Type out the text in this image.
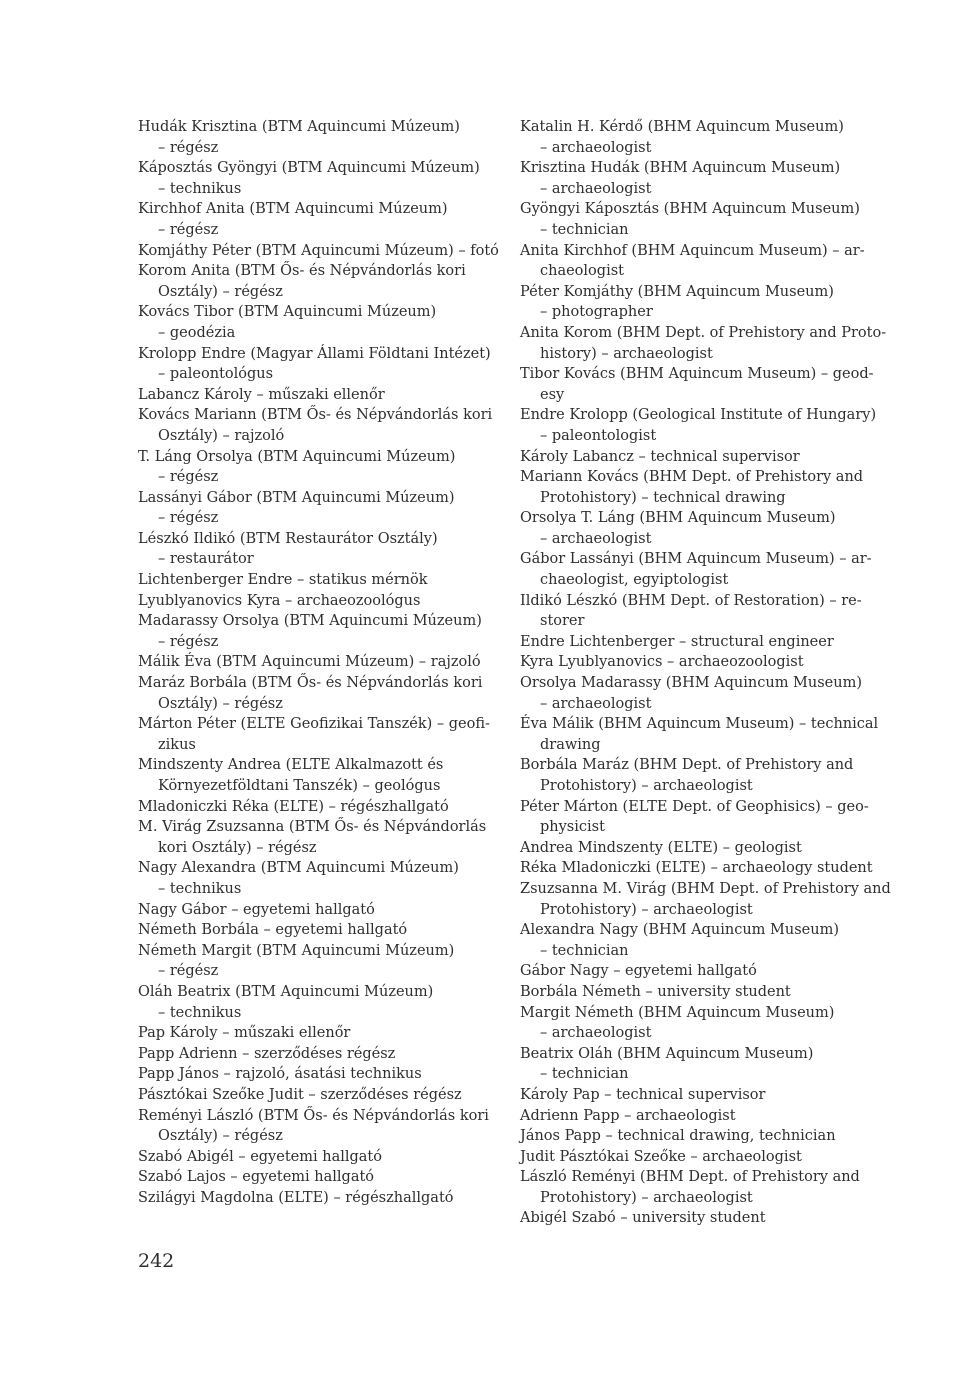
Hudák Krisztina (BTM Aquincumi Múzeum)
– régész
Káposztás Gyöngyi (BTM Aquincumi Múzeum)
– technikus
Kirchhof Anita (BTM Aquincumi Múzeum)
– régész
Komjáthy Péter (BTM Aquincumi Múzeum) – fotó
Korom Anita (BTM Ős- és Népvándorlás kori
Osztály) – régész
Kovács Tibor (BTM Aquincumi Múzeum)
– geodézia
Krolopp Endre (Magyar Állami Földtani Intézet)
– paleontológus
Labancz Károly – műszaki ellenőr
Kovács Mariann (BTM Ős- és Népvándorlás kori
Osztály) – rajzoló
T. Láng Orsolya (BTM Aquincumi Múzeum)
– régész
Lassányi Gábor (BTM Aquincumi Múzeum)
– régész
Lészkó Ildikó (BTM Restaurátor Osztály)
– restaurátor
Lichtenberger Endre – statikus mérnök
Lyublyanovics Kyra – archaeozoológus
Madarassy Orsolya (BTM Aquincumi Múzeum)
– régész
Málik Éva (BTM Aquincumi Múzeum) – rajzoló
Maráz Borbála (BTM Ős- és Népvándorlás kori
Osztály) – régész
Márton Péter (ELTE Geofizikai Tanszék) – geofi-
zikus
Mindszenty Andrea (ELTE Alkalmazott és
Környezetföldtani Tanszék) – geológus
Mladoniczki Réka (ELTE) – régészhallgató
M. Virág Zsuzsanna (BTM Ős- és Népvándorlás
kori Osztály) – régész
Nagy Alexandra (BTM Aquincumi Múzeum)
– technikus
Nagy Gábor – egyetemi hallgató
Németh Borbála – egyetemi hallgató
Németh Margit (BTM Aquincumi Múzeum)
– régész
Oláh Beatrix (BTM Aquincumi Múzeum)
– technikus
Pap Károly – műszaki ellenőr
Papp Adrienn – szerződéses régész
Papp János – rajzoló, ásatási technikus
Pásztókai Szeőke Judit – szerződéses régész
Reményi László (BTM Ős- és Népvándorlás kori
Osztály) – régész
Szabó Abigél – egyetemi hallgató
Szabó Lajos – egyetemi hallgató
Szilágyi Magdolna (ELTE) – régészhallgató
Katalin H. Kérdő (BHM Aquincum Museum)
– archaeologist
Krisztina Hudák (BHM Aquincum Museum)
– archaeologist
Gyöngyi Káposztás (BHM Aquincum Museum)
– technician
Anita Kirchhof (BHM Aquincum Museum) – ar-
chaeologist
Péter Komjáthy (BHM Aquincum Museum)
– photographer
Anita Korom (BHM Dept. of Prehistory and Proto-
history) – archaeologist
Tibor Kovács (BHM Aquincum Museum) – geod-
esy
Endre Krolopp (Geological Institute of Hungary)
– paleontologist
Károly Labancz – technical supervisor
Mariann Kovács (BHM Dept. of Prehistory and
Protohistory) – technical drawing
Orsolya T. Láng (BHM Aquincum Museum)
– archaeologist
Gábor Lassányi (BHM Aquincum Museum) – ar-
chaeologist, egyiptologist
Ildikó Lészkó (BHM Dept. of Restoration) – re-
storer
Endre Lichtenberger – structural engineer
Kyra Lyublyanovics – archaeozoologist
Orsolya Madarassy (BHM Aquincum Museum)
– archaeologist
Éva Málik (BHM Aquincum Museum) – technical
drawing
Borbála Maráz (BHM Dept. of Prehistory and
Protohistory) – archaeologist
Péter Márton (ELTE Dept. of Geophisics) – geo-
physicist
Andrea Mindszenty (ELTE) – geologist
Réka Mladoniczki (ELTE) – archaeology student
Zsuzsanna M. Virág (BHM Dept. of Prehistory and
Protohistory) – archaeologist
Alexandra Nagy (BHM Aquincum Museum)
– technician
Gábor Nagy – egyetemi hallgató
Borbála Németh – university student
Margit Németh (BHM Aquincum Museum)
– archaeologist
Beatrix Oláh (BHM Aquincum Museum)
– technician
Károly Pap – technical supervisor
Adrienn Papp – archaeologist
János Papp – technical drawing, technician
Judit Pásztókai Szeőke – archaeologist
László Reményi (BHM Dept. of Prehistory and
Protohistory) – archaeologist
Abigél Szabó – university student
242
